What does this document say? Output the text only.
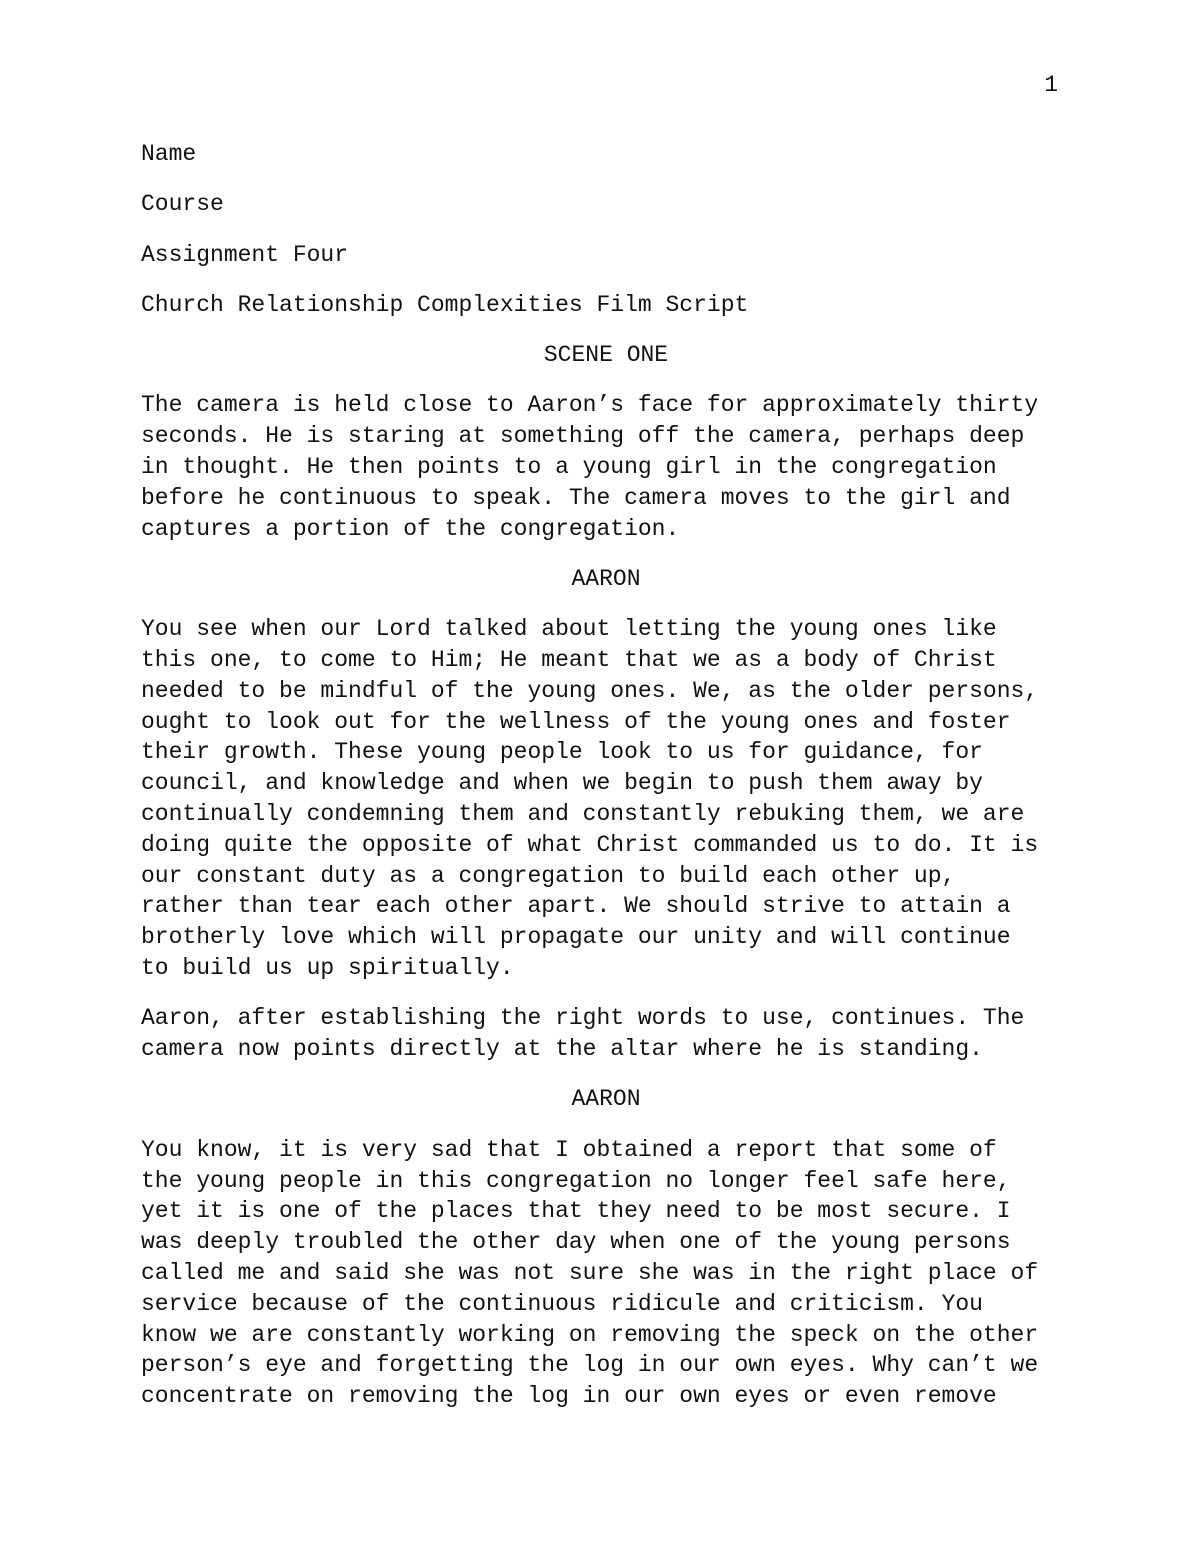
1
Name
Course
Assignment Four
Church Relationship Complexities Film Script
SCENE ONE
The camera is held close to Aaron’s face for approximately thirty
seconds. He is staring at something off the camera, perhaps deep
in thought. He then points to a young girl in the congregation
before he continuous to speak. The camera moves to the girl and
captures a portion of the congregation.
AARON
You see when our Lord talked about letting the young ones like
this one, to come to Him; He meant that we as a body of Christ
needed to be mindful of the young ones. We, as the older persons,
ought to look out for the wellness of the young ones and foster
their growth. These young people look to us for guidance, for
council, and knowledge and when we begin to push them away by
continually condemning them and constantly rebuking them, we are
doing quite the opposite of what Christ commanded us to do. It is
our constant duty as a congregation to build each other up,
rather than tear each other apart. We should strive to attain a
brotherly love which will propagate our unity and will continue
to build us up spiritually.
Aaron, after establishing the right words to use, continues. The
camera now points directly at the altar where he is standing.
AARON
You know, it is very sad that I obtained a report that some of
the young people in this congregation no longer feel safe here,
yet it is one of the places that they need to be most secure. I
was deeply troubled the other day when one of the young persons
called me and said she was not sure she was in the right place of
service because of the continuous ridicule and criticism. You
know we are constantly working on removing the speck on the other
person’s eye and forgetting the log in our own eyes. Why can’t we
concentrate on removing the log in our own eyes or even remove
